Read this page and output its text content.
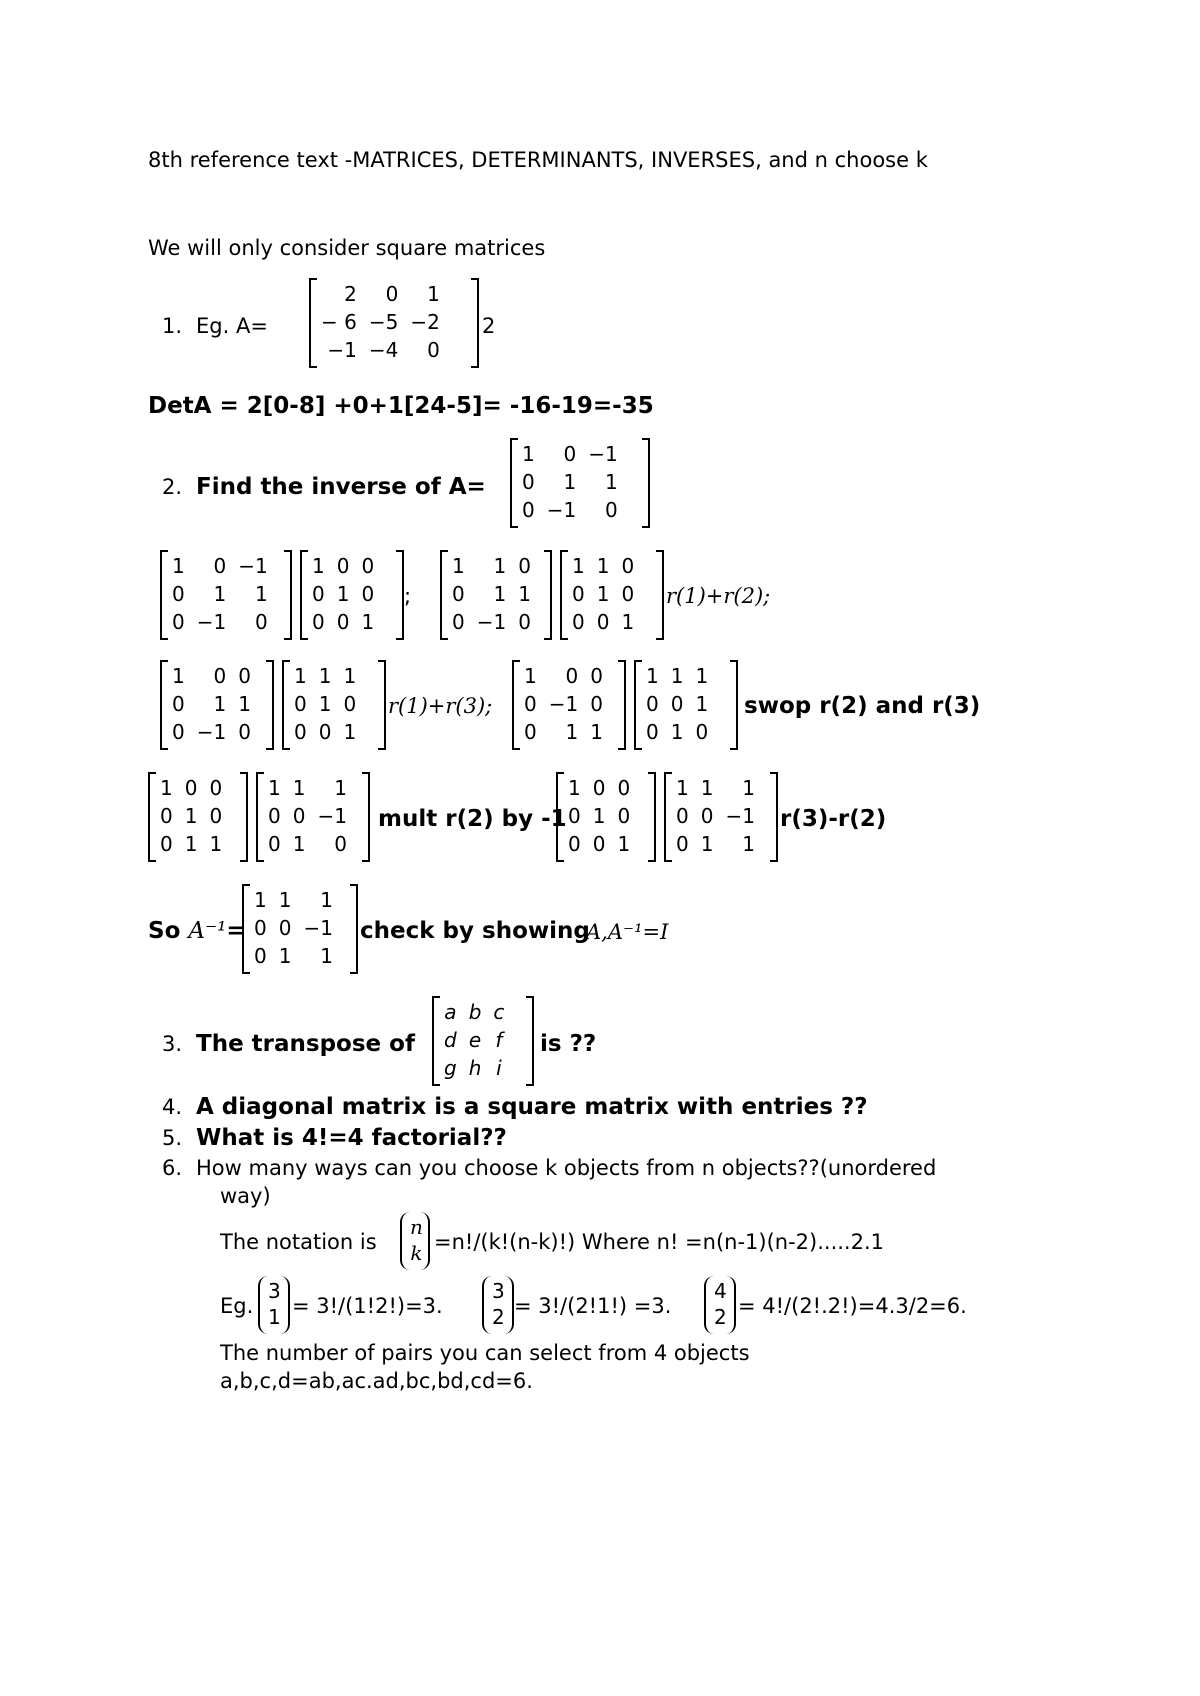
8th reference text -MATRICES, DETERMINANTS, INVERSES, and n choose k
We will only consider square matrices
1. Eg. A=
2	0	1
− 6	−5	−2
−1	−4	0
2
DetA = 2[0-8] +0+1[24-5]= -16-19=-35
2. Find the inverse of A=
1	0	−1
0	1	1
0	−1	0
1	0	−1
0	1	1
0	−1	0
1	0	0
0	1	0
0	0	1
;
1	1	0
0	1	1
0	−1	0
1	1	0
0	1	0
0	0	1
r(1)+r(2);
1	0	0
0	1	1
0	−1	0
1	1	1
0	1	0
0	0	1
r(1)+r(3);
1	0	0
0	−1	0
0	1	1
1	1	1
0	0	1
0	1	0
swop r(2) and r(3)
1	0	0
0	1	0
0	1	1
1	1	1
0	0	−1
0	1	0
mult r(2) by -1
1	0	0
0	1	0
0	0	1
1	1	1
0	0	−1
0	1	1
r(3)-r(2)
So A⁻¹=
1	1	1
0	0	−1
0	1	1
check by showing
A,A⁻¹=I
3. The transpose of
a	b	c
d	e	f
g	h	i
is ??
4. A diagonal matrix is a square matrix with entries ??
5. What is 4!=4 factorial??
6. How many ways can you choose k objects from n objects??(unordered
way)
The notation is
n
k =n!/(k!(n-k)!) Where n! =n(n-1)(n-2).....2.1
Eg.
3
1 = 3!/(1!2!)=3.
3
2 = 3!/(2!1!) =3.
4
2 = 4!/(2!.2!)=4.3/2=6.
The number of pairs you can select from 4 objects
a,b,c,d=ab,ac.ad,bc,bd,cd=6.
